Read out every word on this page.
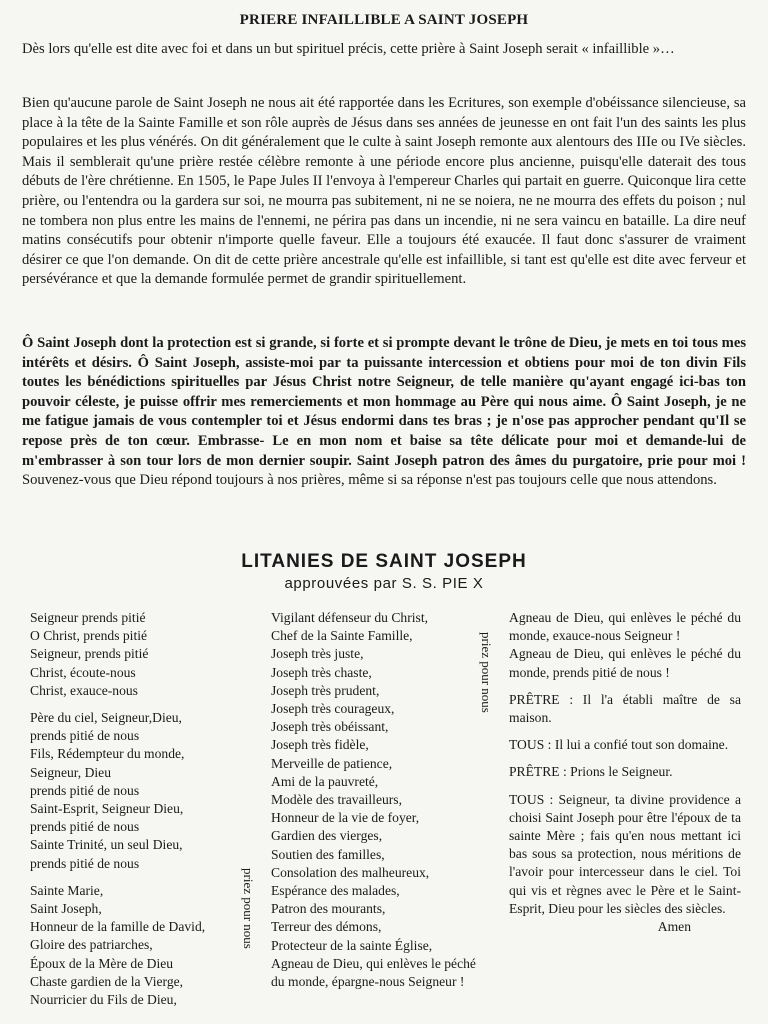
PRIERE INFAILLIBLE A SAINT JOSEPH

Dès lors qu'elle est dite avec foi et dans un but spirituel précis, cette prière à Saint Joseph serait « infaillible »…

Bien qu'aucune parole de Saint Joseph ne nous ait été rapportée dans les Ecritures, son exemple d'obéissance silencieuse, sa place à la tête de la Sainte Famille et son rôle auprès de Jésus dans ses années de jeunesse en ont fait l'un des saints les plus populaires et les plus vénérés. On dit généralement que le culte à saint Joseph remonte aux alentours des IIIe ou IVe siècles. Mais il semblerait qu'une prière restée célèbre remonte à une période encore plus ancienne, puisqu'elle daterait des tous débuts de l'ère chrétienne. En 1505, le Pape Jules II l'envoya à l'empereur Charles qui partait en guerre. Quiconque lira cette prière, ou l'entendra ou la gardera sur soi, ne mourra pas subitement, ni ne se noiera, ne ne mourra des effets du poison ; nul ne tombera non plus entre les mains de l'ennemi, ne périra pas dans un incendie, ni ne sera vaincu en bataille. La dire neuf matins consécutifs pour obtenir n'importe quelle faveur. Elle a toujours été exaucée. Il faut donc s'assurer de vraiment désirer ce que l'on demande. On dit de cette prière ancestrale qu'elle est infaillible, si tant est qu'elle est dite avec ferveur et persévérance et que la demande formulée permet de grandir spirituellement.

Ô Saint Joseph dont la protection est si grande, si forte et si prompte devant le trône de Dieu, je mets en toi tous mes intérêts et désirs. Ô Saint Joseph, assiste-moi par ta puissante intercession et obtiens pour moi de ton divin Fils toutes les bénédictions spirituelles par Jésus Christ notre Seigneur, de telle manière qu'ayant engagé ici-bas ton pouvoir céleste, je puisse offrir mes remerciements et mon hommage au Père qui nous aime. Ô Saint Joseph, je ne me fatigue jamais de vous contempler toi et Jésus endormi dans tes bras ; je n'ose pas approcher pendant qu'Il se repose près de ton cœur. Embrasse- Le en mon nom et baise sa tête délicate pour moi et demande-lui de m'embrasser à son tour lors de mon dernier soupir. Saint Joseph patron des âmes du purgatoire, prie pour moi ! Souvenez-vous que Dieu répond toujours à nos prières, même si sa réponse n'est pas toujours celle que nous attendons.

LITANIES DE SAINT JOSEPH
approuvées par S. S. PIE X
Seigneur prends pitié
O Christ, prends pitié
Seigneur, prends pitié
Christ, écoute-nous
Christ, exauce-nous
Père du ciel, Seigneur,Dieu,
prends pitié de nous
Fils, Rédempteur du monde,
Seigneur, Dieu
prends pitié de nous
Saint-Esprit, Seigneur Dieu,
prends pitié de nous
Sainte Trinité, un seul Dieu,
prends pitié de nous
Sainte Marie,
Saint Joseph,
Honneur de la famille de David,
Gloire des patriarches,
Époux de la Mère de Dieu
Chaste gardien de la Vierge,
Nourricier du Fils de Dieu,
Vigilant défenseur du Christ,
Chef de la Sainte Famille,
Joseph très juste,
Joseph très chaste,
Joseph très prudent,
Joseph très courageux,
Joseph très obéissant,
Joseph très fidèle,
Merveille de patience,
Ami de la pauvreté,
Modèle des travailleurs,
Honneur de la vie de foyer,
Gardien des vierges,
Soutien des familles,
Consolation des malheureux,
Espérance des malades,
Patron des mourants,
Terreur des démons,
Protecteur de la sainte Église,
Agneau de Dieu, qui enlèves le péché
du monde, épargne-nous Seigneur !
priez pour nous
priez pour nous
Agneau de Dieu, qui enlèves le péché du monde, exauce-nous Seigneur !
Agneau de Dieu, qui enlèves le péché du monde, prends pitié de nous !
PRÊTRE : Il l'a établi maître de sa maison.
TOUS : Il lui a confié tout son domaine.
PRÊTRE : Prions le Seigneur.
TOUS : Seigneur, ta divine providence a choisi Saint Joseph pour être l'époux de ta sainte Mère ; fais qu'en nous mettant ici bas sous sa protection, nous méritions de l'avoir pour intercesseur dans le ciel. Toi qui vis et règnes avec le Père et le Saint-Esprit, Dieu pour les siècles des siècles.
Amen
